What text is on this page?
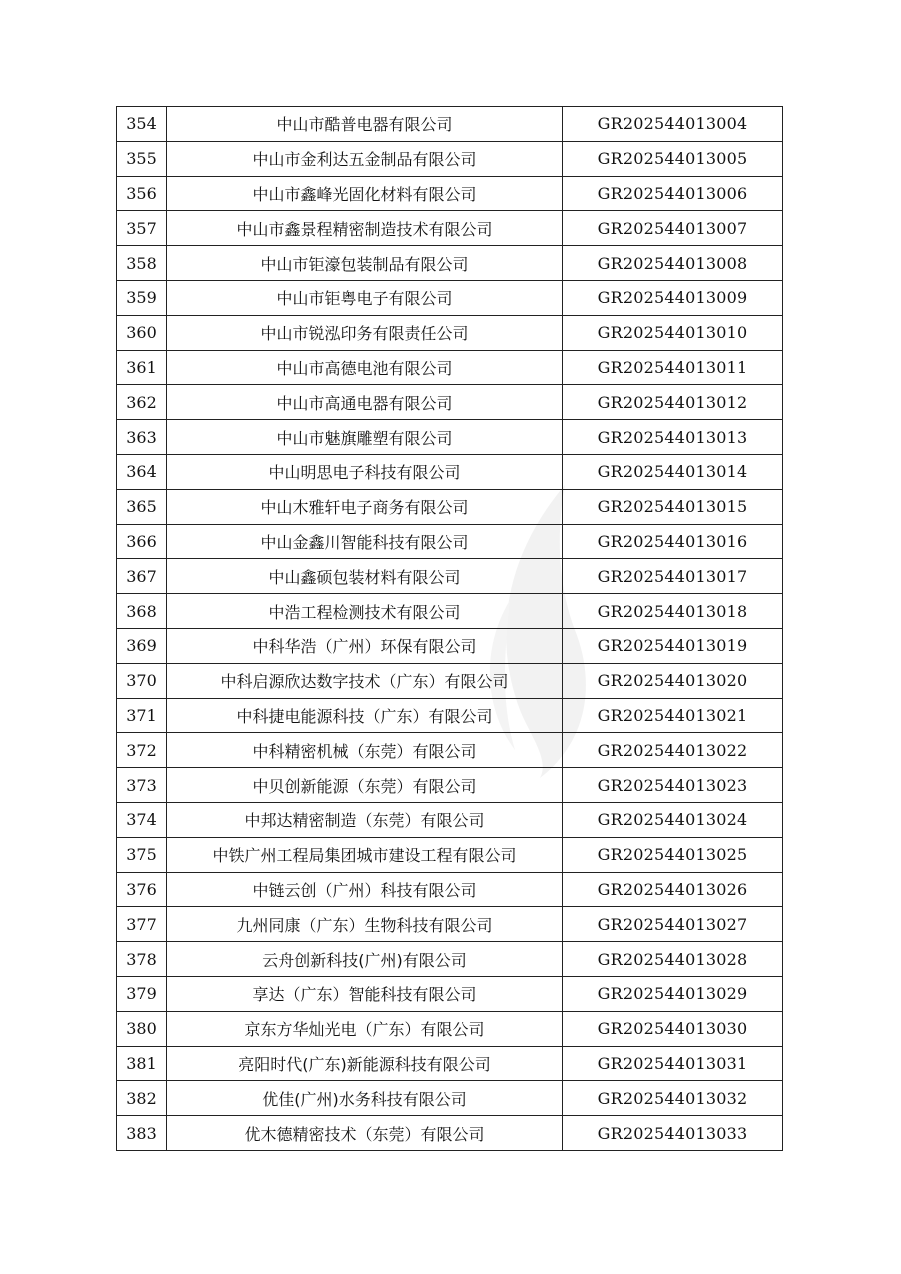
354	中山市酷普电器有限公司	GR202544013004
355	中山市金利达五金制品有限公司	GR202544013005
356	中山市鑫峰光固化材料有限公司	GR202544013006
357	中山市鑫景程精密制造技术有限公司	GR202544013007
358	中山市钜濠包装制品有限公司	GR202544013008
359	中山市钜粤电子有限公司	GR202544013009
360	中山市锐泓印务有限责任公司	GR202544013010
361	中山市高德电池有限公司	GR202544013011
362	中山市高通电器有限公司	GR202544013012
363	中山市魅旗雕塑有限公司	GR202544013013
364	中山明思电子科技有限公司	GR202544013014
365	中山木雅轩电子商务有限公司	GR202544013015
366	中山金鑫川智能科技有限公司	GR202544013016
367	中山鑫硕包装材料有限公司	GR202544013017
368	中浩工程检测技术有限公司	GR202544013018
369	中科华浩（广州）环保有限公司	GR202544013019
370	中科启源欣达数字技术（广东）有限公司	GR202544013020
371	中科捷电能源科技（广东）有限公司	GR202544013021
372	中科精密机械（东莞）有限公司	GR202544013022
373	中贝创新能源（东莞）有限公司	GR202544013023
374	中邦达精密制造（东莞）有限公司	GR202544013024
375	中铁广州工程局集团城市建设工程有限公司	GR202544013025
376	中链云创（广州）科技有限公司	GR202544013026
377	九州同康（广东）生物科技有限公司	GR202544013027
378	云舟创新科技(广州)有限公司	GR202544013028
379	享达（广东）智能科技有限公司	GR202544013029
380	京东方华灿光电（广东）有限公司	GR202544013030
381	亮阳时代(广东)新能源科技有限公司	GR202544013031
382	优佳(广州)水务科技有限公司	GR202544013032
383	优木德精密技术（东莞）有限公司	GR202544013033
